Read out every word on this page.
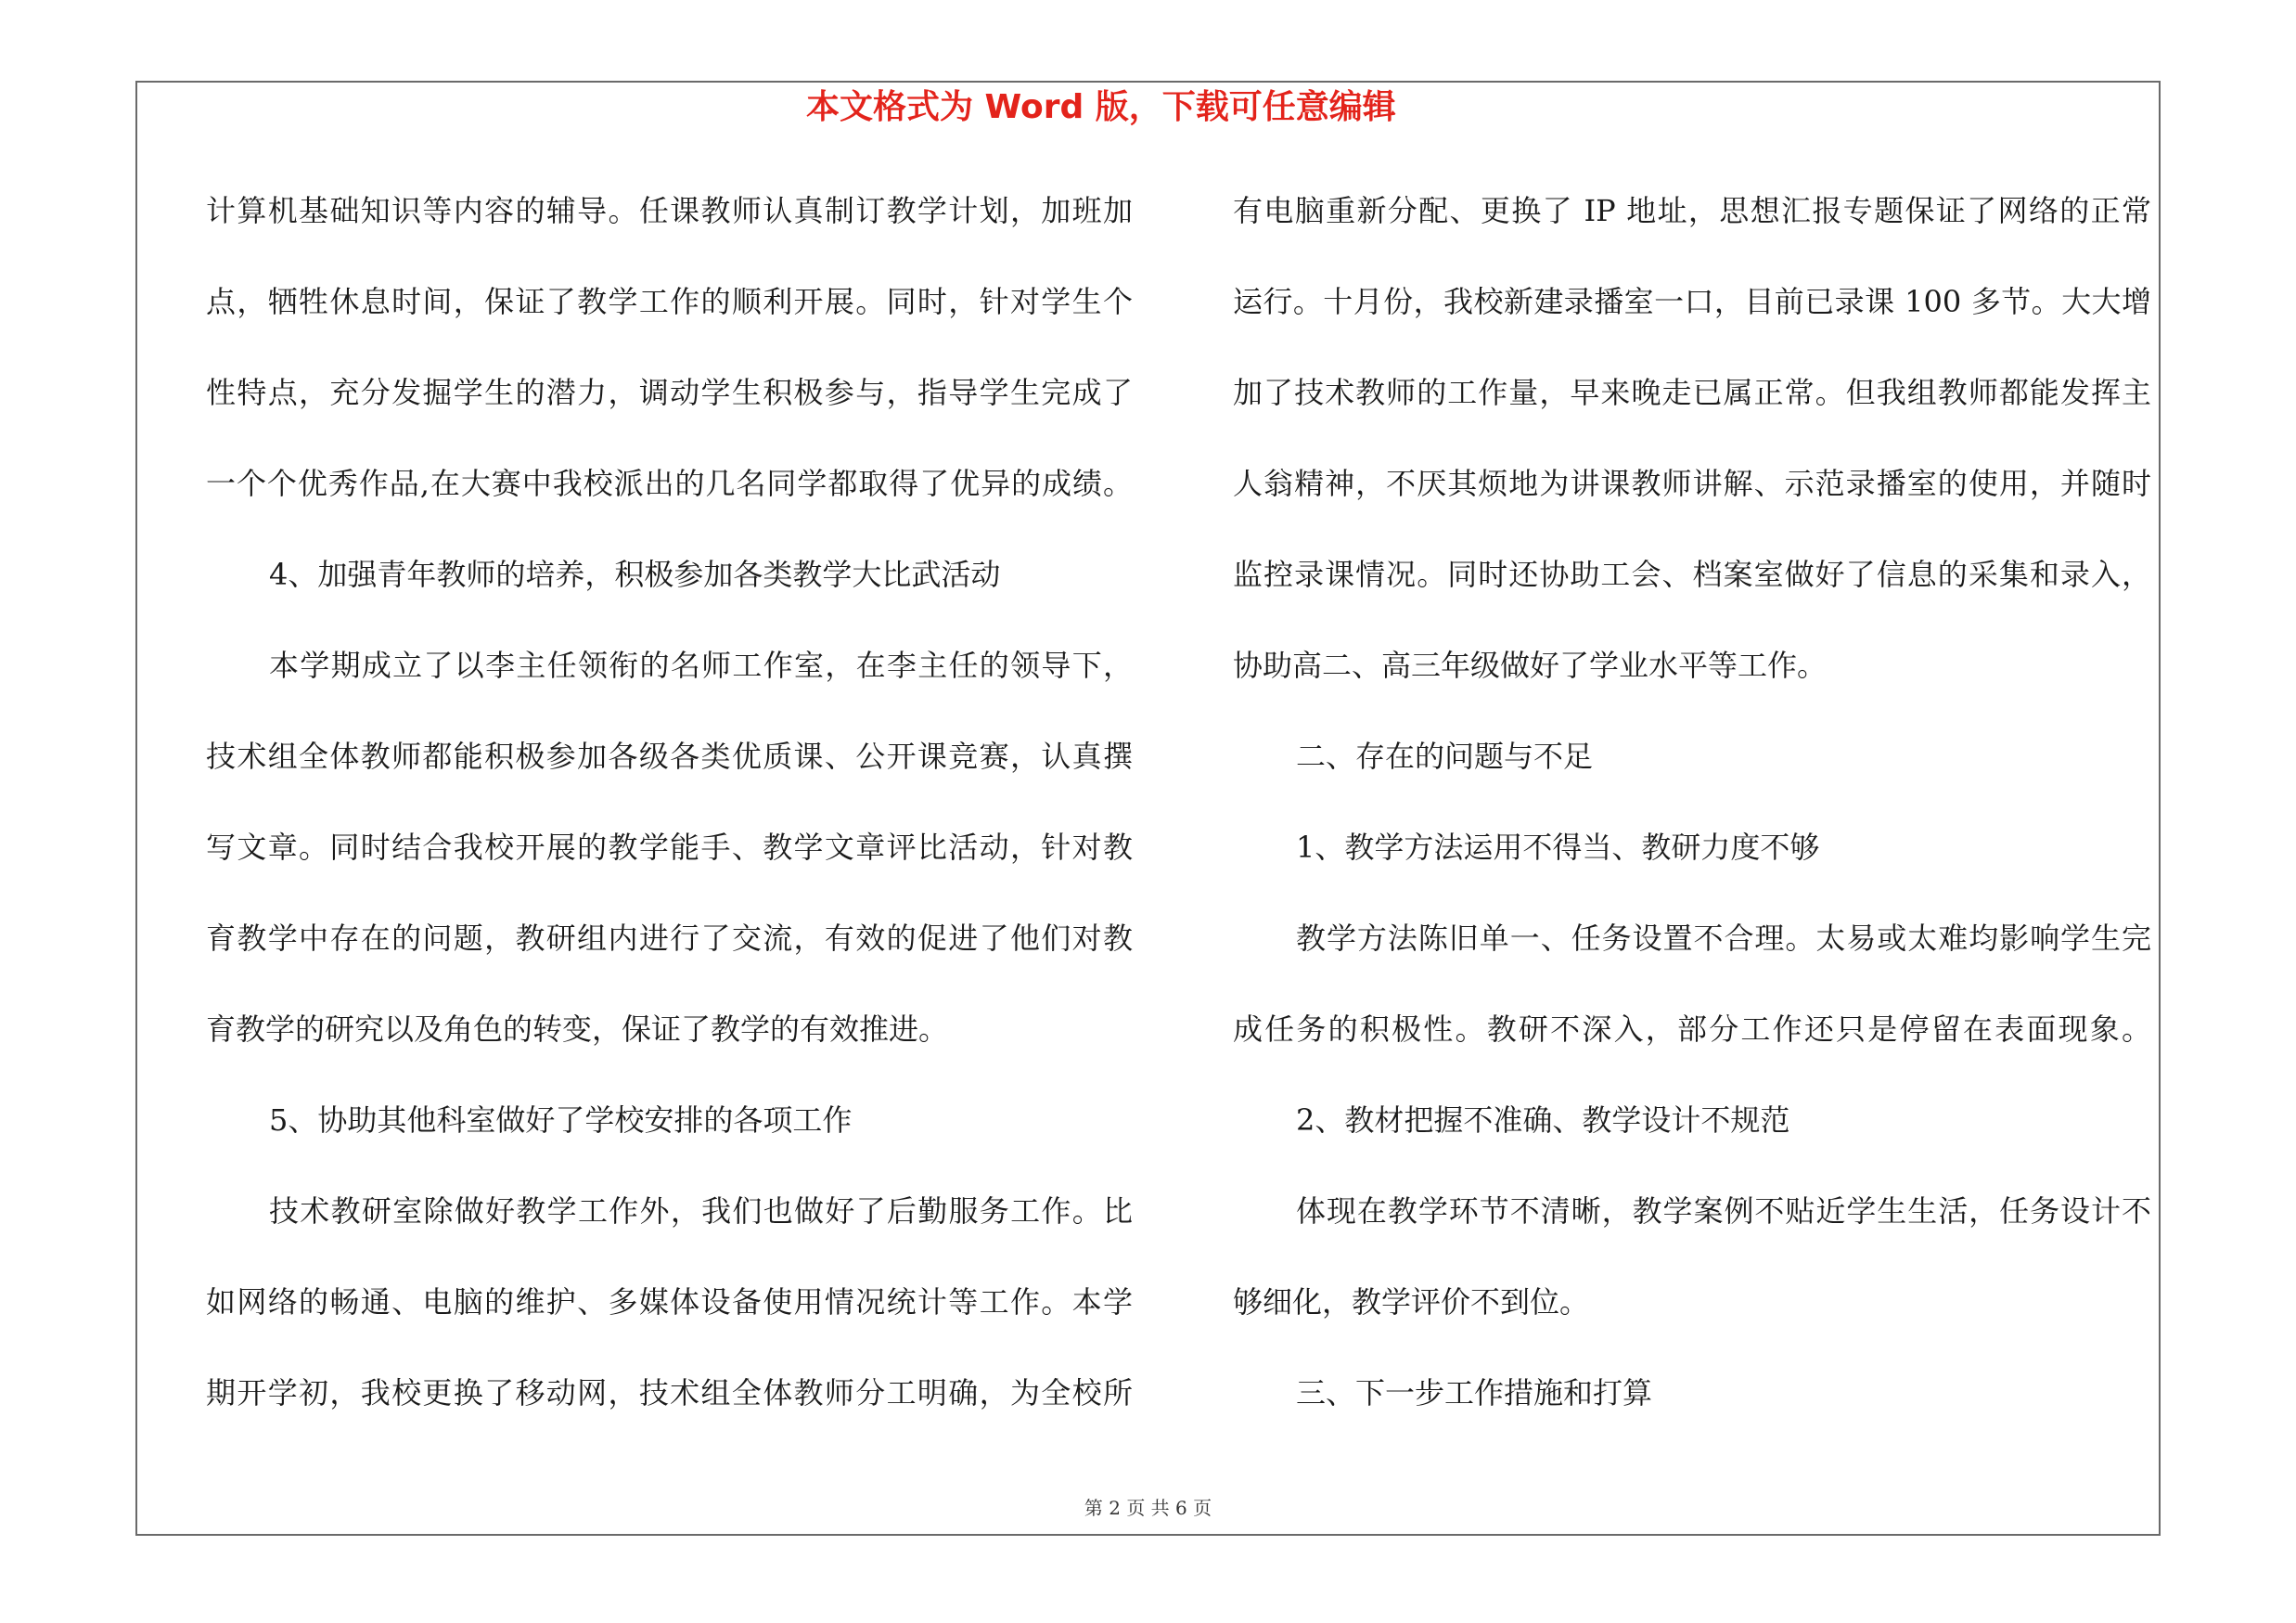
本文格式为 Word 版，下载可任意编辑
计算机基础知识等内容的辅导。任课教师认真制订教学计划，加班加
点，牺牲休息时间，保证了教学工作的顺利开展。同时，针对学生个
性特点，充分发掘学生的潜力，调动学生积极参与，指导学生完成了
一个个优秀作品,在大赛中我校派出的几名同学都取得了优异的成绩。
4、加强青年教师的培养，积极参加各类教学大比武活动
本学期成立了以李主任领衔的名师工作室，在李主任的领导下，
技术组全体教师都能积极参加各级各类优质课、公开课竞赛，认真撰
写文章。同时结合我校开展的教学能手、教学文章评比活动，针对教
育教学中存在的问题，教研组内进行了交流，有效的促进了他们对教
育教学的研究以及角色的转变，保证了教学的有效推进。
5、协助其他科室做好了学校安排的各项工作
技术教研室除做好教学工作外，我们也做好了后勤服务工作。比
如网络的畅通、电脑的维护、多媒体设备使用情况统计等工作。本学
期开学初，我校更换了移动网，技术组全体教师分工明确，为全校所
有电脑重新分配、更换了 IP 地址，思想汇报专题保证了网络的正常
运行。十月份，我校新建录播室一口，目前已录课 100 多节。大大增
加了技术教师的工作量，早来晚走已属正常。但我组教师都能发挥主
人翁精神，不厌其烦地为讲课教师讲解、示范录播室的使用，并随时
监控录课情况。同时还协助工会、档案室做好了信息的采集和录入，
协助高二、高三年级做好了学业水平等工作。
二、存在的问题与不足
1、教学方法运用不得当、教研力度不够
教学方法陈旧单一、任务设置不合理。太易或太难均影响学生完
成任务的积极性。教研不深入，部分工作还只是停留在表面现象。
2、教材把握不准确、教学设计不规范
体现在教学环节不清晰，教学案例不贴近学生生活，任务设计不
够细化，教学评价不到位。
三、下一步工作措施和打算
第 2 页 共 6 页
